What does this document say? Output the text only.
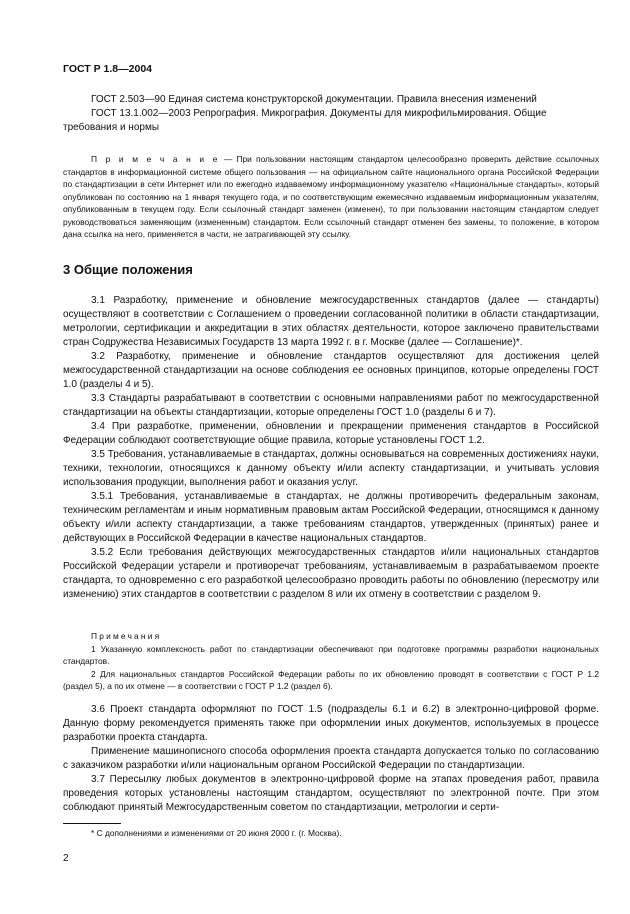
ГОСТ Р 1.8—2004

ГОСТ 2.503—90 Единая система конструкторской документации. Правила внесения изменений

ГОСТ 13.1.002—2003 Репрография. Микрография. Документы для микрофильмирования. Общие требования и нормы

П р и м е ч а н и е — При пользовании настоящим стандартом целесообразно проверить действие ссылочных стандартов в информационной системе общего пользования — на официальном сайте национального органа Российской Федерации по стандартизации в сети Интернет или по ежегодно издаваемому информационному указателю «Национальные стандарты», который опубликован по состоянию на 1 января текущего года, и по соответствующим ежемесячно издаваемым информационным указателям, опубликованным в текущем году. Если ссылочный стандарт заменен (изменен), то при пользовании настоящим стандартом следует руководствоваться заменяющим (измененным) стандартом. Если ссылочный стандарт отменен без замены, то положение, в котором дана ссылка на него, применяется в части, не затрагивающей эту ссылку.

3 Общие положения

3.1 Разработку, применение и обновление межгосударственных стандартов (далее — стандарты) осуществляют в соответствии с Соглашением о проведении согласованной политики в области стандартизации, метрологии, сертификации и аккредитации в этих областях деятельности, которое заключено правительствами стран Содружества Независимых Государств 13 марта 1992 г. в г. Москве (далее — Соглашение)*.

3.2 Разработку, применение и обновление стандартов осуществляют для достижения целей межгосударственной стандартизации на основе соблюдения ее основных принципов, которые определены ГОСТ 1.0 (разделы 4 и 5).

3.3 Стандарты разрабатывают в соответствии с основными направлениями работ по межгосударственной стандартизации на объекты стандартизации, которые определены ГОСТ 1.0 (разделы 6 и 7).

3.4 При разработке, применении, обновлении и прекращении применения стандартов в Российской Федерации соблюдают соответствующие общие правила, которые установлены ГОСТ 1.2.

3.5 Требования, устанавливаемые в стандартах, должны основываться на современных достижениях науки, техники, технологии, относящихся к данному объекту и/или аспекту стандартизации, и учитывать условия использования продукции, выполнения работ и оказания услуг.

3.5.1 Требования, устанавливаемые в стандартах, не должны противоречить федеральным законам, техническим регламентам и иным нормативным правовым актам Российской Федерации, относящимся к данному объекту и/или аспекту стандартизации, а также требованиям стандартов, утвержденных (принятых) ранее и действующих в Российской Федерации в качестве национальных стандартов.

3.5.2 Если требования действующих межгосударственных стандартов и/или национальных стандартов Российской Федерации устарели и противоречат требованиям, устанавливаемым в разрабатываемом проекте стандарта, то одновременно с его разработкой целесообразно проводить работы по обновлению (пересмотру или изменению) этих стандартов в соответствии с разделом 8 или их отмену в соответствии с разделом 9.

Примечания

1 Указанную комплексность работ по стандартизации обеспечивают при подготовке программы разработки национальных стандартов.

2 Для национальных стандартов Российской Федерации работы по их обновлению проводят в соответствии с ГОСТ Р 1.2 (раздел 5), а по их отмене — в соответствии с ГОСТ Р 1.2 (раздел 6).

3.6 Проект стандарта оформляют по ГОСТ 1.5 (подразделы 6.1 и 6.2) в электронно-цифровой форме. Данную форму рекомендуется применять также при оформлении иных документов, используемых в процессе разработки проекта стандарта.

Применение машинописного способа оформления проекта стандарта допускается только по согласованию с заказчиком разработки и/или национальным органом Российской Федерации по стандартизации.

3.7 Пересылку любых документов в электронно-цифровой форме на этапах проведения работ, правила проведения которых установлены настоящим стандартом, осуществляют по электронной почте. При этом соблюдают принятый Межгосударственным советом по стандартизации, метрологии и серти-

* С дополнениями и изменениями от 20 июня 2000 г. (г. Москва).
2
